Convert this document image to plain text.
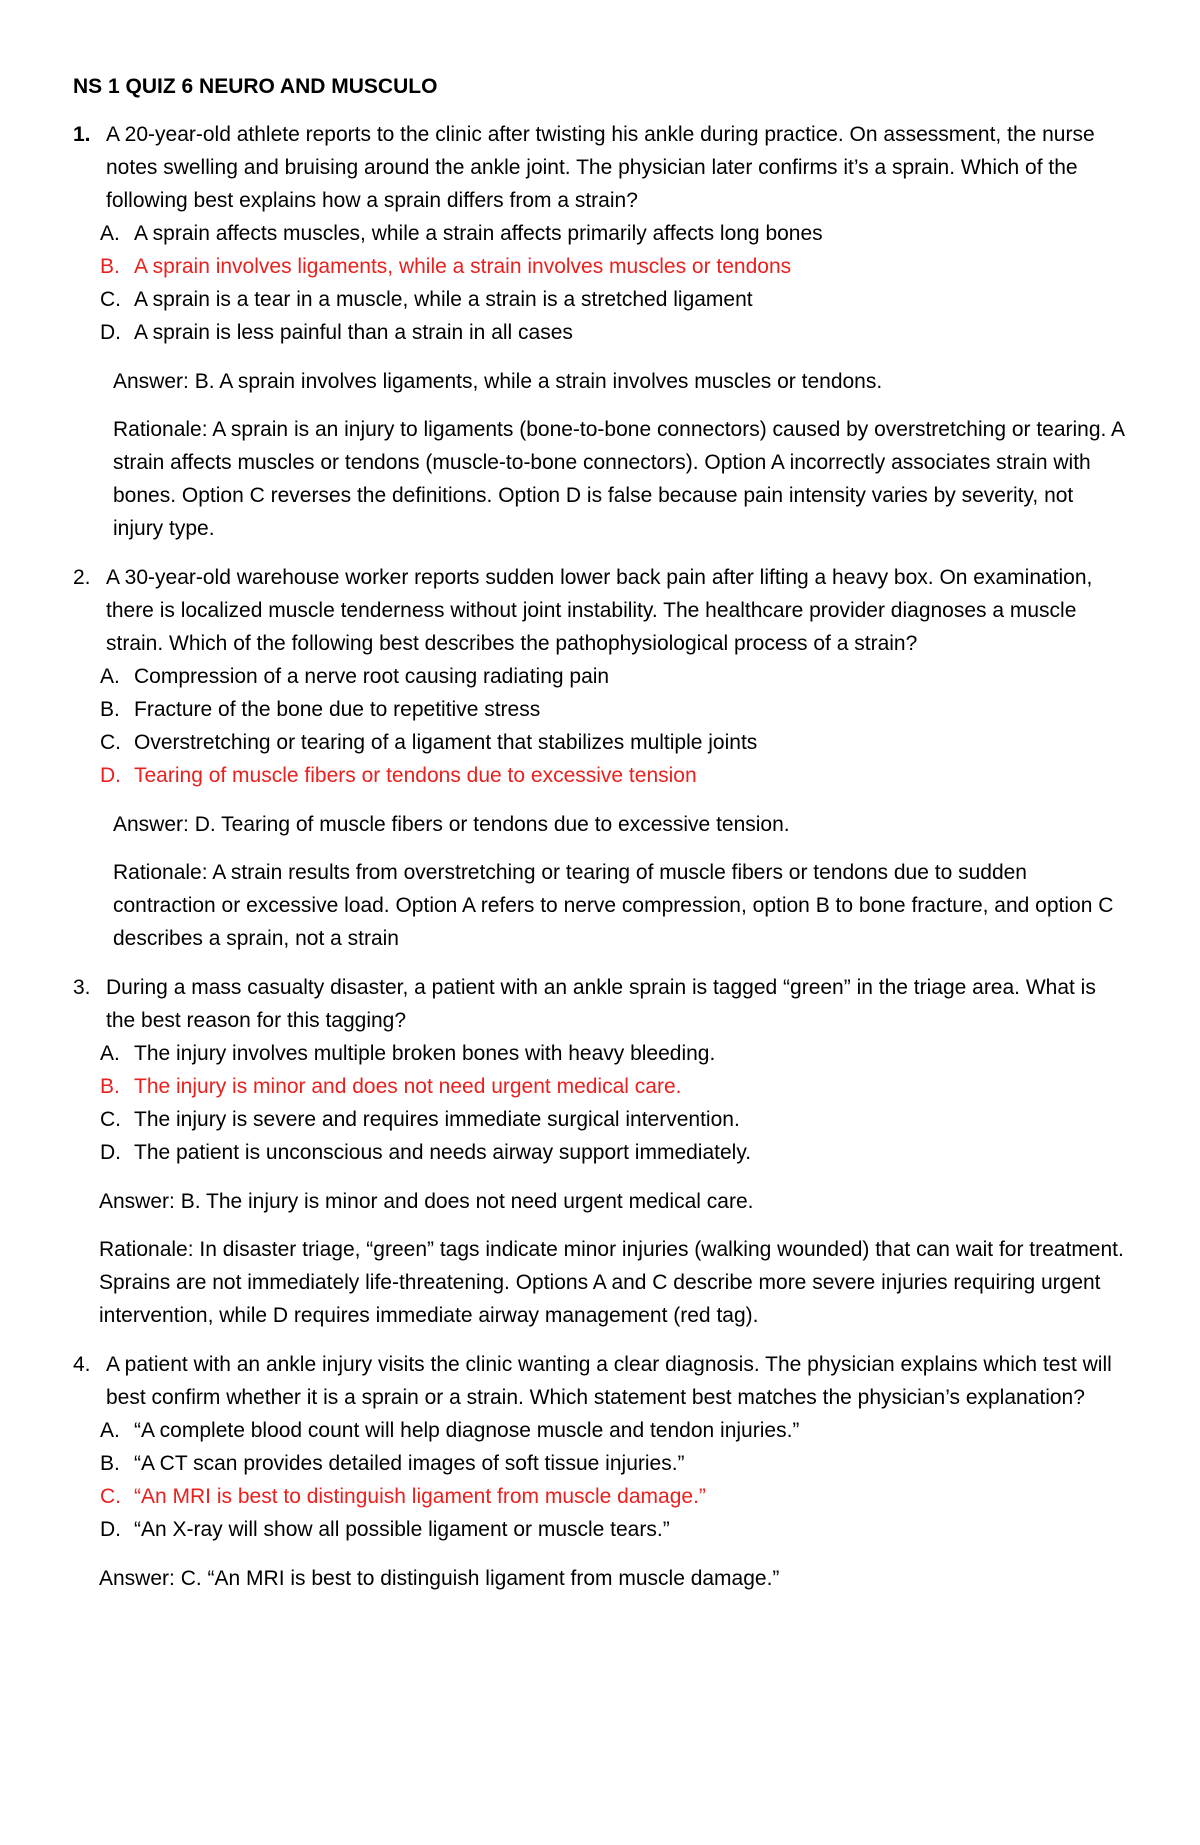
NS 1 QUIZ 6 NEURO AND MUSCULO
1. A 20-year-old athlete reports to the clinic after twisting his ankle during practice. On assessment, the nurse notes swelling and bruising around the ankle joint. The physician later confirms it’s a sprain. Which of the following best explains how a sprain differs from a strain?
A. A sprain affects muscles, while a strain affects primarily affects long bones
B. A sprain involves ligaments, while a strain involves muscles or tendons
C. A sprain is a tear in a muscle, while a strain is a stretched ligament
D. A sprain is less painful than a strain in all cases
Answer: B. A sprain involves ligaments, while a strain involves muscles or tendons.
Rationale: A sprain is an injury to ligaments (bone-to-bone connectors) caused by overstretching or tearing. A strain affects muscles or tendons (muscle-to-bone connectors). Option A incorrectly associates strain with bones. Option C reverses the definitions. Option D is false because pain intensity varies by severity, not injury type.
2. A 30-year-old warehouse worker reports sudden lower back pain after lifting a heavy box. On examination, there is localized muscle tenderness without joint instability. The healthcare provider diagnoses a muscle strain. Which of the following best describes the pathophysiological process of a strain?
A. Compression of a nerve root causing radiating pain
B. Fracture of the bone due to repetitive stress
C. Overstretching or tearing of a ligament that stabilizes multiple joints
D. Tearing of muscle fibers or tendons due to excessive tension
Answer: D. Tearing of muscle fibers or tendons due to excessive tension.
Rationale: A strain results from overstretching or tearing of muscle fibers or tendons due to sudden contraction or excessive load. Option A refers to nerve compression, option B to bone fracture, and option C describes a sprain, not a strain
3. During a mass casualty disaster, a patient with an ankle sprain is tagged “green” in the triage area. What is the best reason for this tagging?
A. The injury involves multiple broken bones with heavy bleeding.
B. The injury is minor and does not need urgent medical care.
C. The injury is severe and requires immediate surgical intervention.
D. The patient is unconscious and needs airway support immediately.
Answer: B. The injury is minor and does not need urgent medical care.
Rationale: In disaster triage, “green” tags indicate minor injuries (walking wounded) that can wait for treatment. Sprains are not immediately life-threatening. Options A and C describe more severe injuries requiring urgent intervention, while D requires immediate airway management (red tag).
4. A patient with an ankle injury visits the clinic wanting a clear diagnosis. The physician explains which test will best confirm whether it is a sprain or a strain. Which statement best matches the physician’s explanation?
A. “A complete blood count will help diagnose muscle and tendon injuries.”
B. “A CT scan provides detailed images of soft tissue injuries.”
C. “An MRI is best to distinguish ligament from muscle damage.”
D. “An X-ray will show all possible ligament or muscle tears.”
Answer: C. “An MRI is best to distinguish ligament from muscle damage.”
